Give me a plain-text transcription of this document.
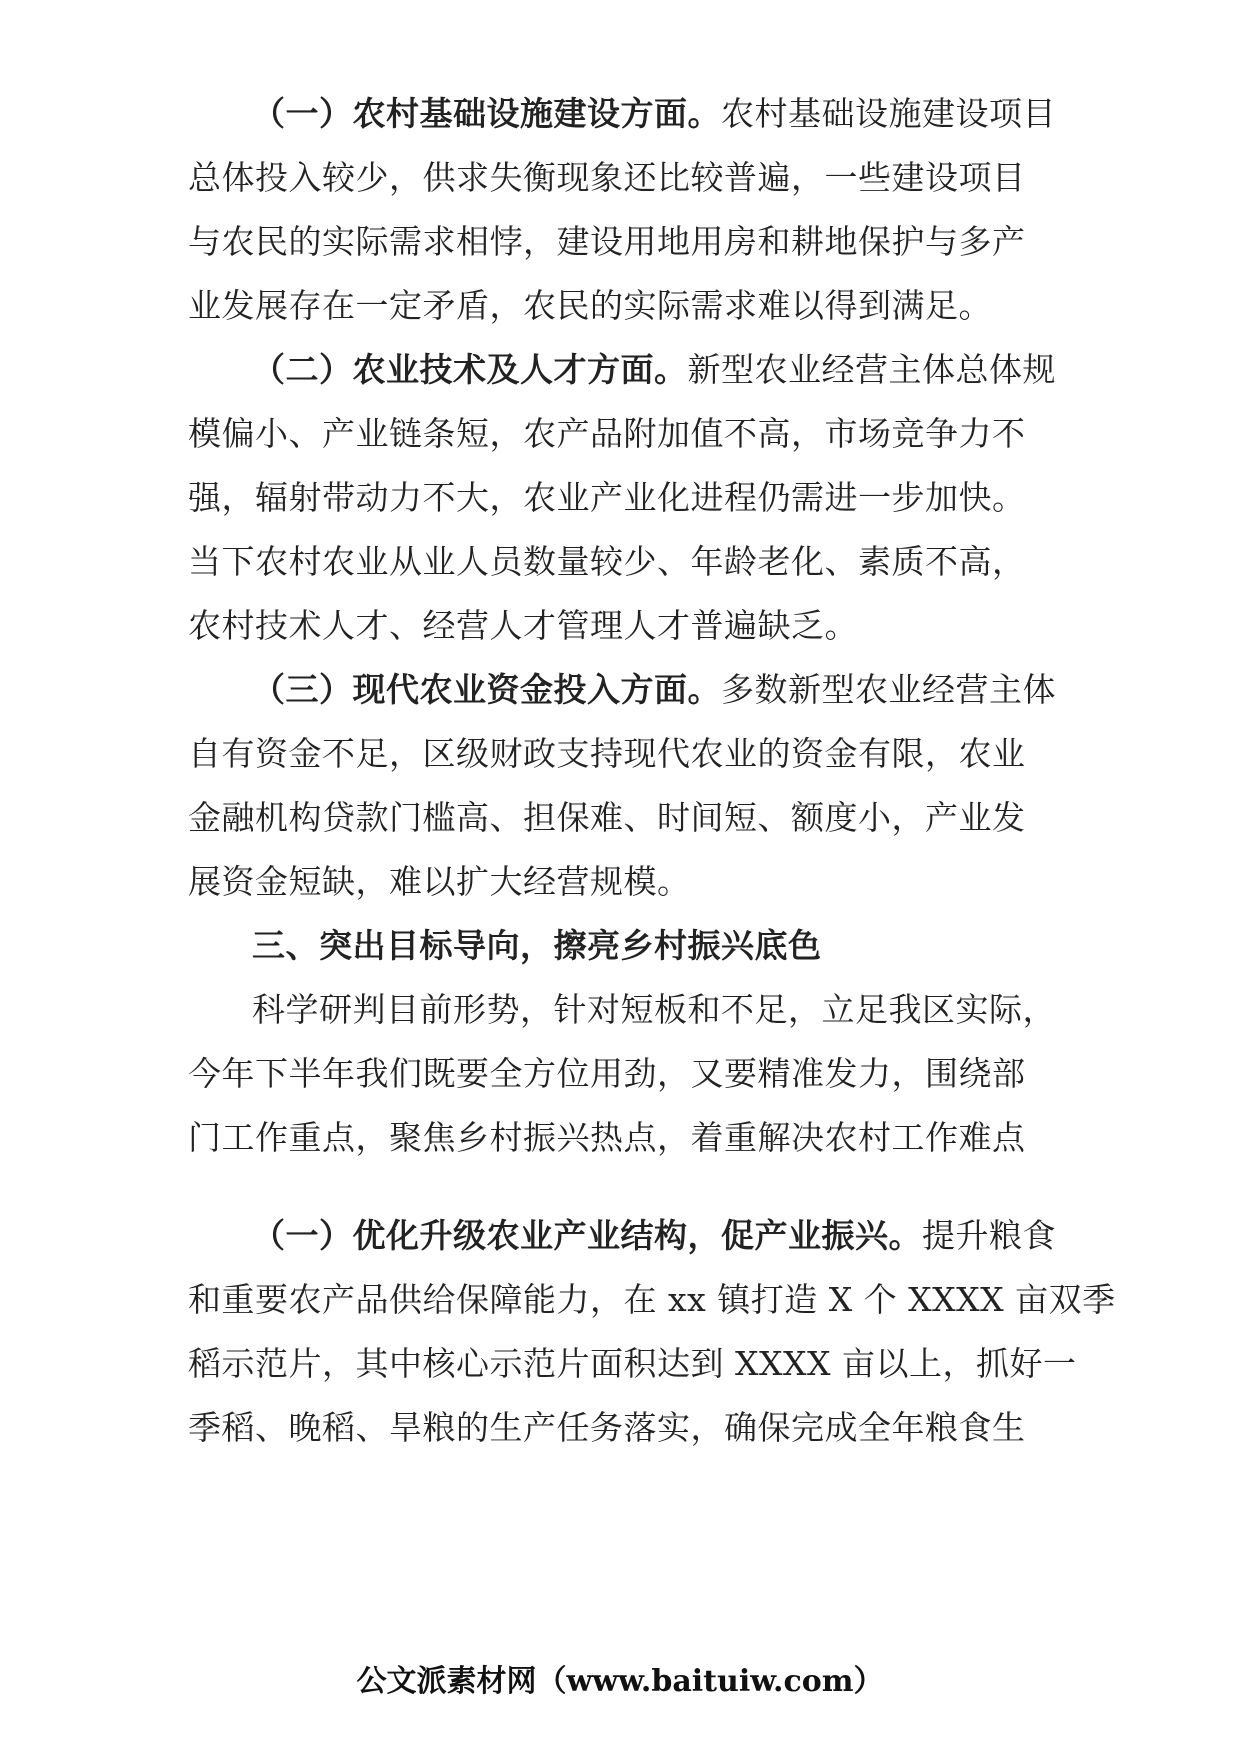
（一）农村基础设施建设方面。农村基础设施建设项目
总体投入较少，供求失衡现象还比较普遍，一些建设项目
与农民的实际需求相悖，建设用地用房和耕地保护与多产
业发展存在一定矛盾，农民的实际需求难以得到满足。
（二）农业技术及人才方面。新型农业经营主体总体规
模偏小、产业链条短，农产品附加值不高，市场竞争力不
强，辐射带动力不大，农业产业化进程仍需进一步加快。
当下农村农业从业人员数量较少、年龄老化、素质不高，
农村技术人才、经营人才管理人才普遍缺乏。
（三）现代农业资金投入方面。多数新型农业经营主体
自有资金不足，区级财政支持现代农业的资金有限，农业
金融机构贷款门槛高、担保难、时间短、额度小，产业发
展资金短缺，难以扩大经营规模。
三、突出目标导向，擦亮乡村振兴底色
科学研判目前形势，针对短板和不足，立足我区实际，
今年下半年我们既要全方位用劲，又要精准发力，围绕部
门工作重点，聚焦乡村振兴热点，着重解决农村工作难点
（一）优化升级农业产业结构，促产业振兴。提升粮食
和重要农产品供给保障能力，在 xx 镇打造 X 个 XXXX 亩双季
稻示范片，其中核心示范片面积达到 XXXX 亩以上，抓好一
季稻、晚稻、旱粮的生产任务落实，确保完成全年粮食生
公文派素材网（www.baituiw.com）
